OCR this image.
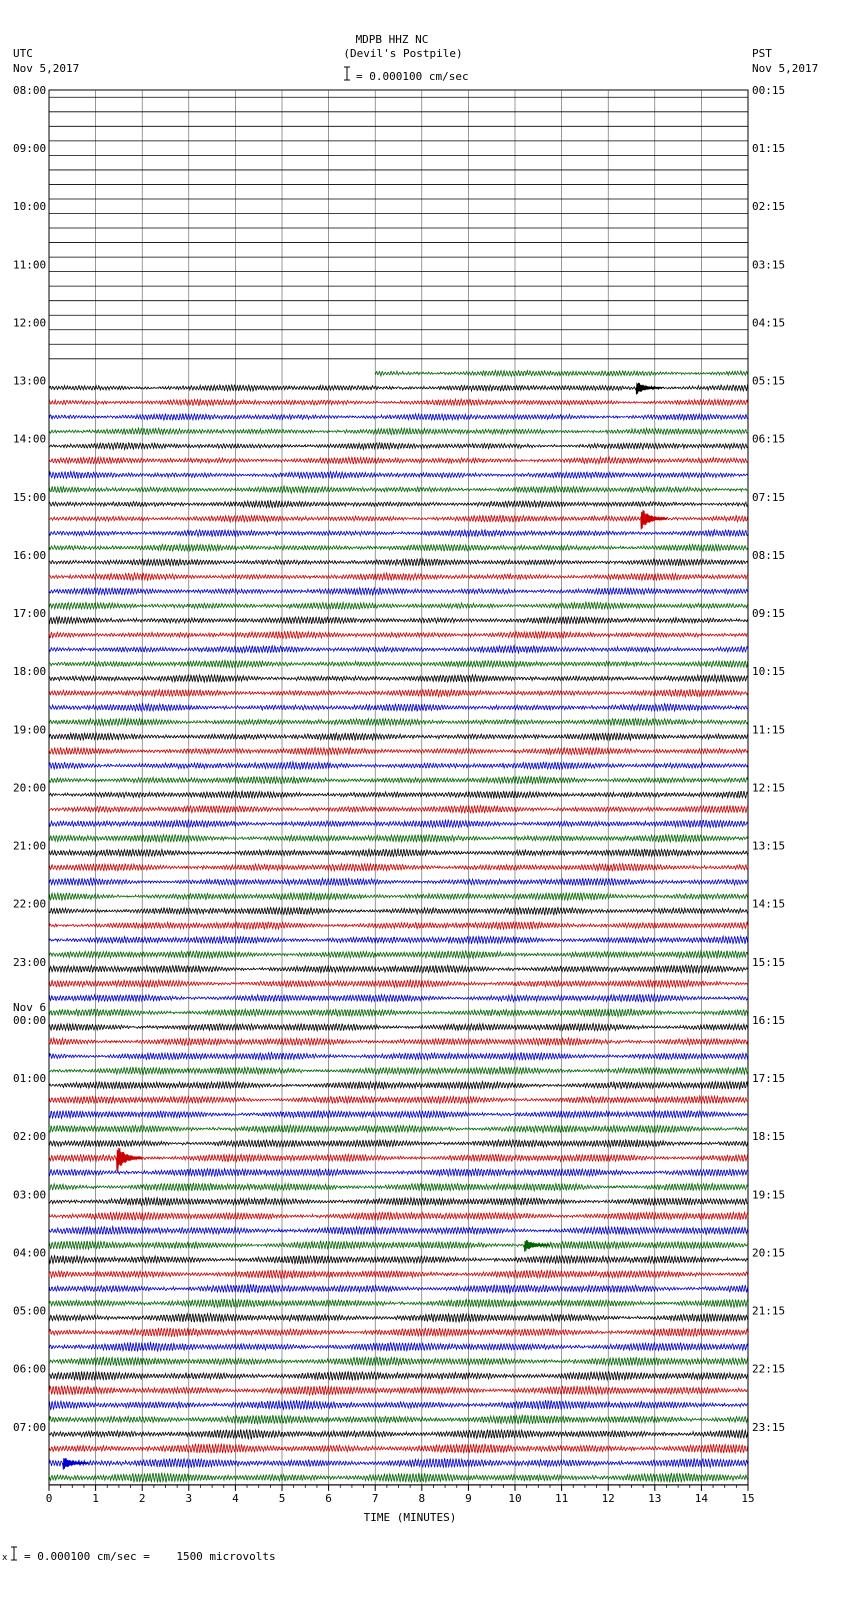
MDPB HHZ NC
(Devil's Postpile)
UTC
Nov 5,2017
PST
Nov 5,2017
= 0.000100 cm/sec
08:00
09:00
10:00
11:00
12:00
13:00
14:00
15:00
16:00
17:00
18:00
19:00
20:00
21:00
22:00
23:00
00:00
Nov 6
01:00
02:00
03:00
04:00
05:00
06:00
07:00
00:15
01:15
02:15
03:15
04:15
05:15
06:15
07:15
08:15
09:15
10:15
11:15
12:15
13:15
14:15
15:15
16:15
17:15
18:15
19:15
20:15
21:15
22:15
23:15
0	1	2	3	4	5	6	7	8	9	10	11	12	13	14	15
TIME (MINUTES)
x = 0.000100 cm/sec =    1500 microvolts
